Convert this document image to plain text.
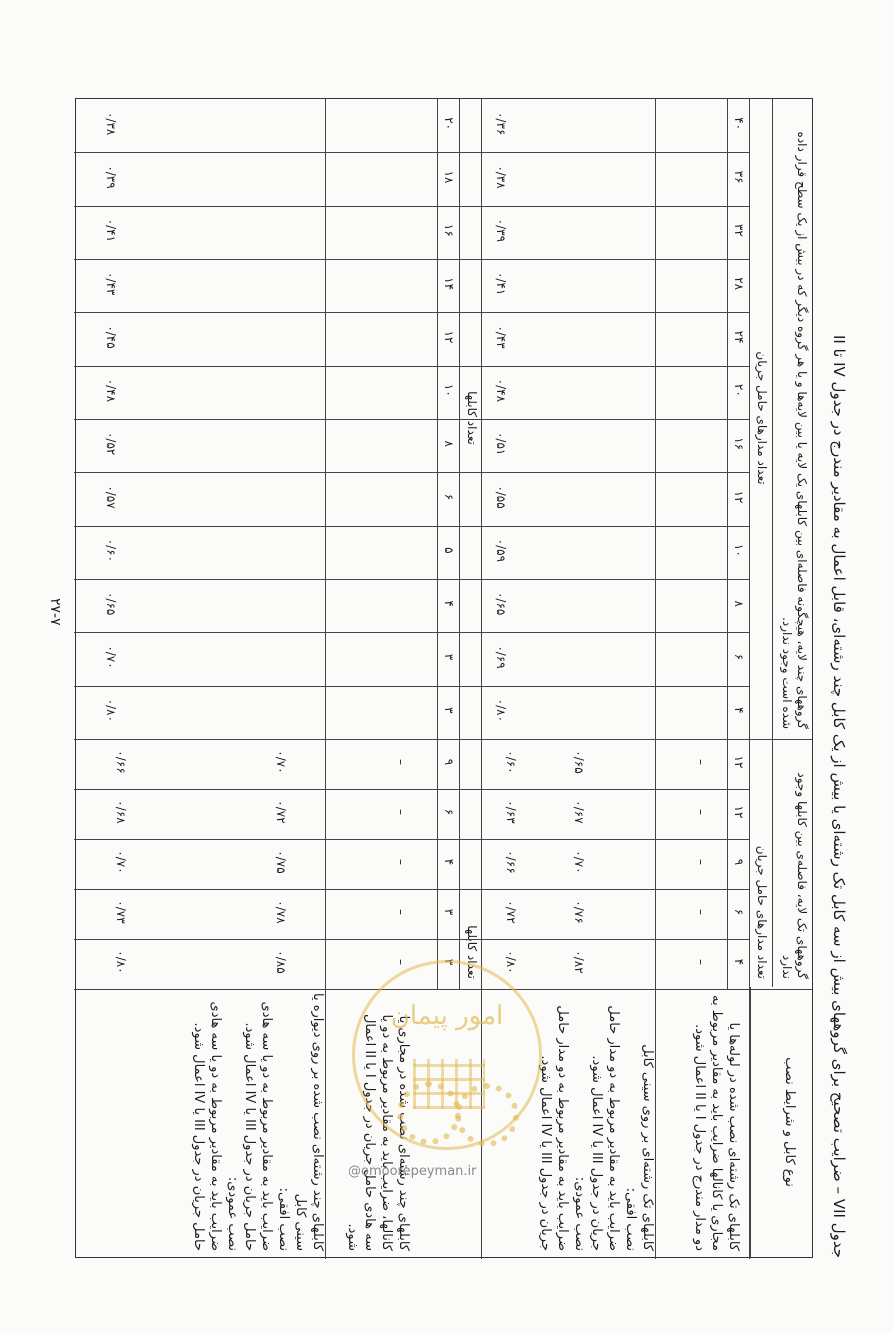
جدول VII – ضرایب تصحیح برای گروههای بیش از سه کابل تک رشته‌ای یا بیش از یک کابل چند رشته‌ای، قابل اعمال به مقادیر مندرج در جدول IV تا II
نوع کابل و شرایط نصب
گروههای تک لایه، فاصله‌ی بین کابلها وجود ندارد
گروههای چند لایه، هیچگونه فاصله‌ای بین کابلهای یک لایه یا بین لایه‌ها و یا هر گروه دیگر که در بیش از یک سطح قرار داده شده است وجود ندارد.
تعداد مدارهای حامل جریان
تعداد مدارهای حامل جریان
تعداد کابلها
تعداد کابلها
کابلهای تک رشته‌ای نصب شده در لوله‌ها یا مجاری یا کانالها ضرایب باید به مقادیر مربوط به دو مدار مندرج در جدول I یا II اعمال شود.
کابلهای تک رشته‌ای بر روی سینی کابل
نصب افقی:
ضرایب باید به مقادیر مربوط به دو مدار حامل جریان در جدول III یا IV اعمال شود.
نصب عمودی:
ضرایب باید به مقادیر مربوط به دو مدار حامل جریان در جدول III یا IV اعمال شود.
کابلهای چند رشته‌ای نصب شده در مجاری یا کانالها، ضرایب باید به مقادیر مربوط به دو یا سه هادی حامل جریان در جدول I یا II اعمال شود.
کابلهای چند رشته‌ای نصب شده بر روی دیواره یا سینی کابل
نصب افقی:
ضرایب باید به مقادیر مربوط به دو یا سه هادی حامل جریان در جدول III یا IV اعمال شود.
نصب عمودی:
ضرایب باید به مقادیر مربوط به دو یا سه هادی حامل جریان در جدول III یا IV اعمال شود.
۱۲
۱۲
۹
۶
۴
۴۰
۳۶
۳۲
۲۸
۲۴
۲۰
۱۶
۱۲
۱۰
۸
۶
۴
۹
۶
۴
۳
۳
۲۰
۱۸
۱۶
۱۴
۱۲
۱۰
۸
۶
۵
۴
۳
۳
–
–
–
–
–
۰/۶۵
۰/۶۷
۰/۷۰
۰/۷۶
۰/۸۲
۰/۶۰
۰/۶۳
۰/۶۶
۰/۷۲
۰/۸۰
۰/۳۶
۰/۳۸
۰/۳۹
۰/۴۱
۰/۴۳
۰/۴۸
۰/۵۱
۰/۵۵
۰/۵۹
۰/۶۵
۰/۶۹
۰/۸۰
–
–
–
–
–
۰/۷۰
۰/۷۲
۰/۷۵
۰/۷۸
۰/۸۵
۰/۶۶
۰/۶۸
۰/۷۰
۰/۷۳
۰/۸۰
۰/۳۸
۰/۳۹
۰/۴۱
۰/۴۳
۰/۴۵
۰/۴۸
۰/۵۲
۰/۵۷
۰/۶۰
۰/۶۵
۰/۷۰
۰/۸۰
۲۷-۷
امور پیمان
@omoorepeyman.ir
